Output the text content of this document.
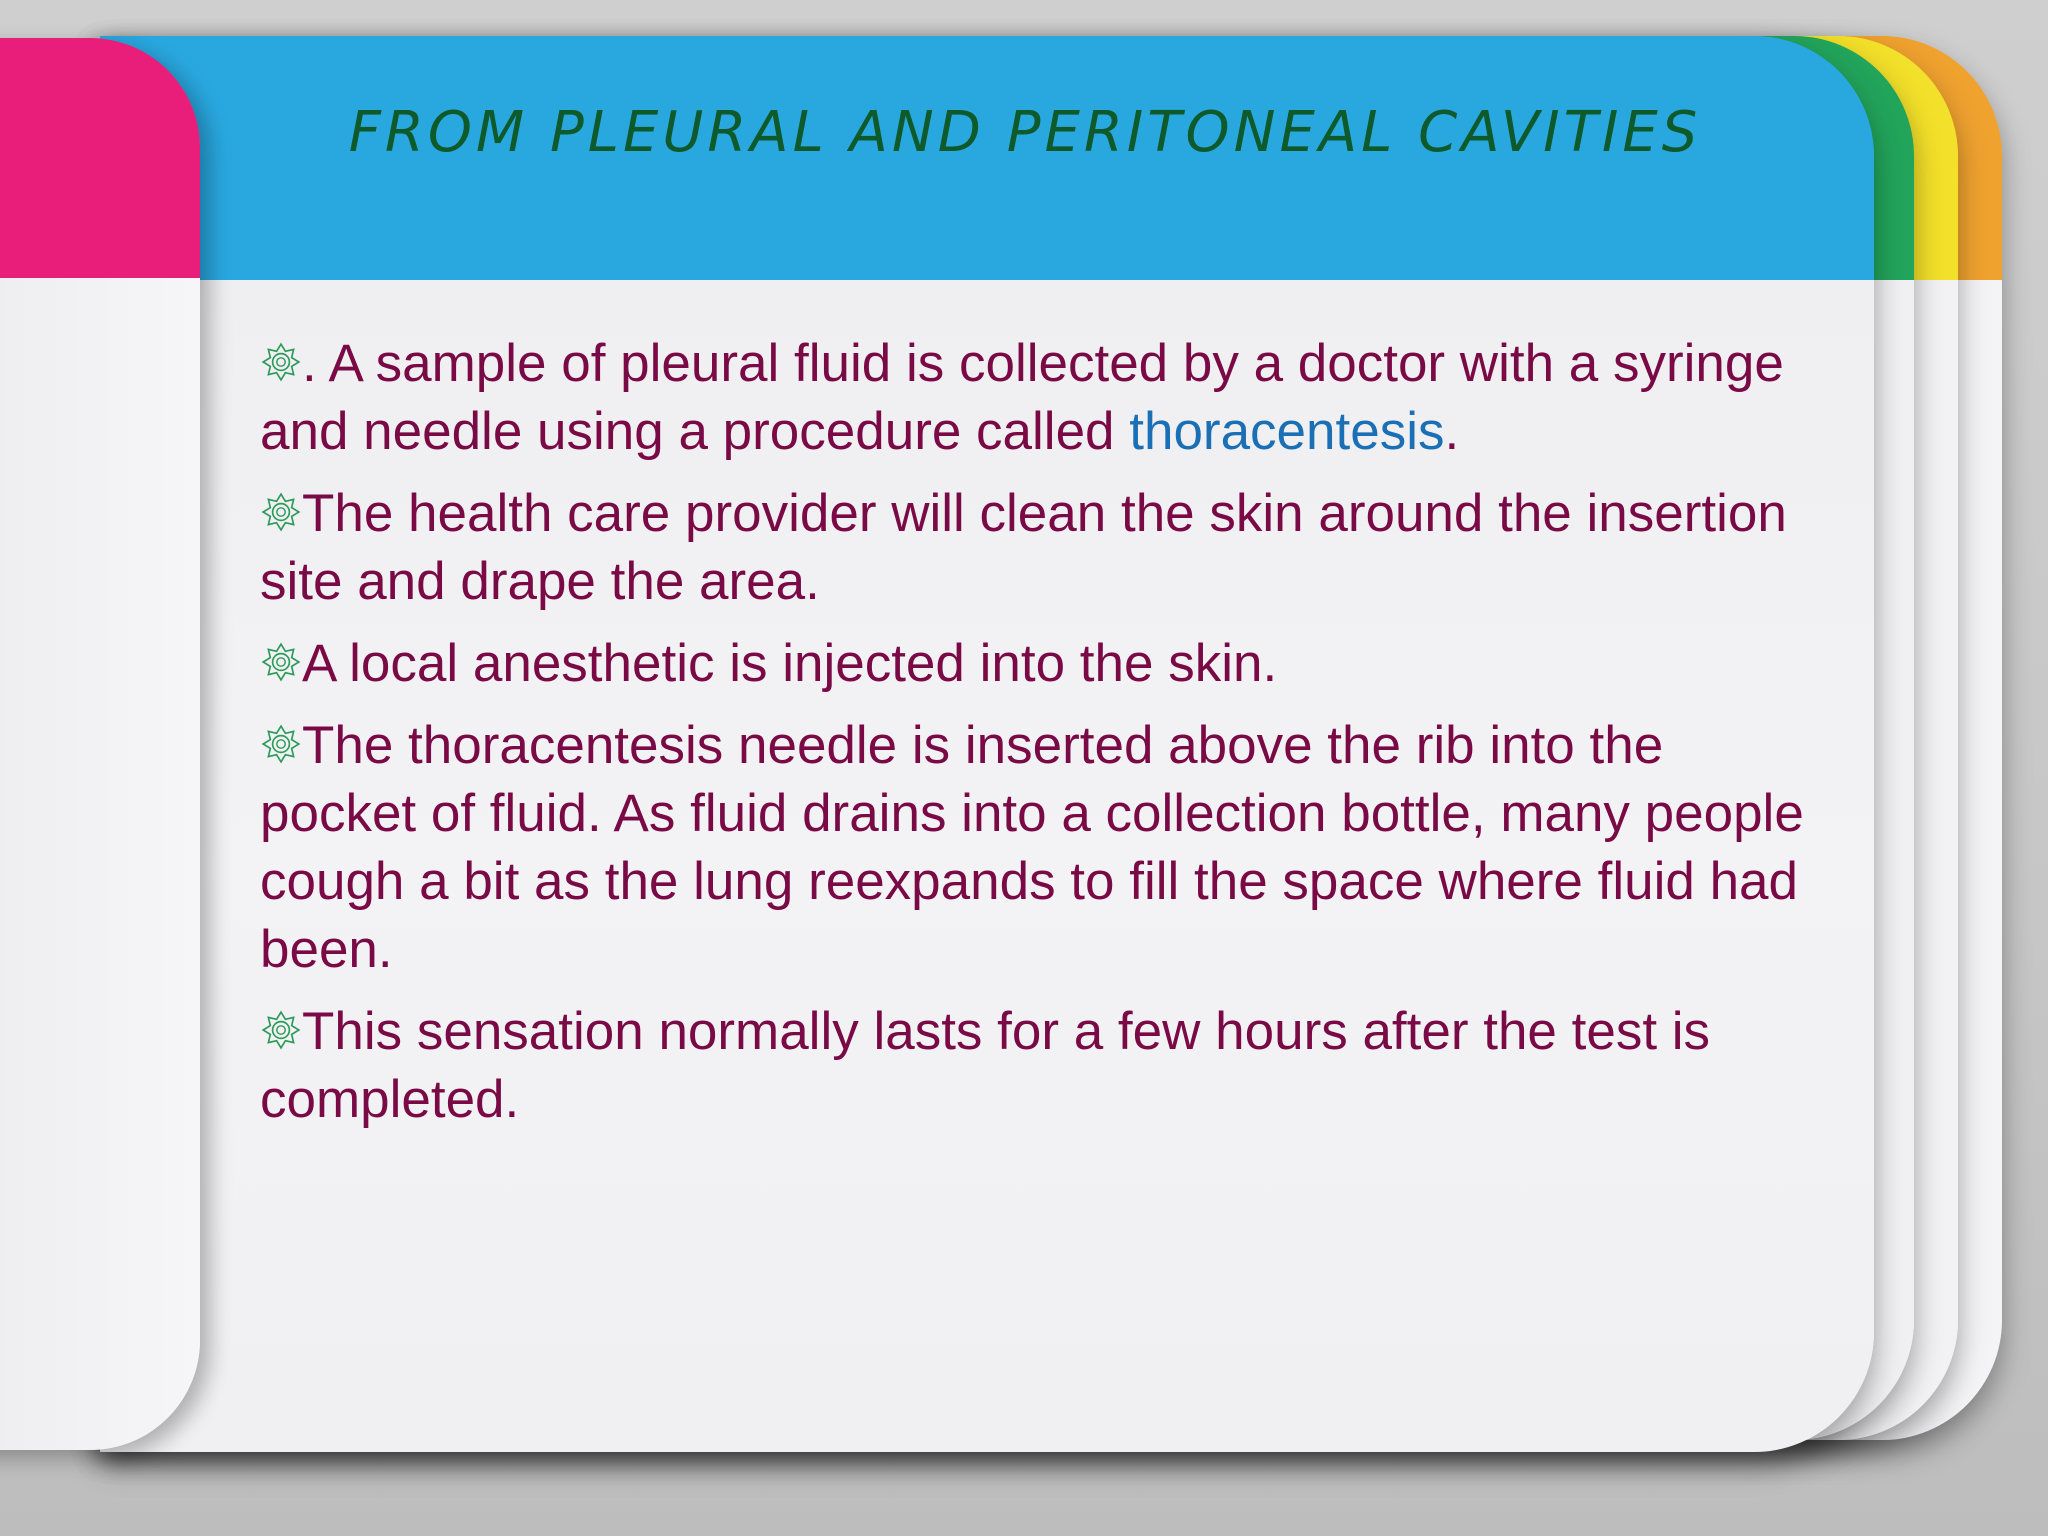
FROM PLEURAL AND PERITONEAL CAVITIES

. A sample of pleural fluid is collected by a doctor with a syringe and needle using a procedure called thoracentesis.

The health care provider will clean the skin around the insertion site and drape the area.

A local anesthetic is injected into the skin.

The thoracentesis needle is inserted above the rib into the pocket of fluid. As fluid drains into a collection bottle, many people cough a bit as the lung reexpands to fill the space where fluid had been.

This sensation normally lasts for a few hours after the test is completed.
